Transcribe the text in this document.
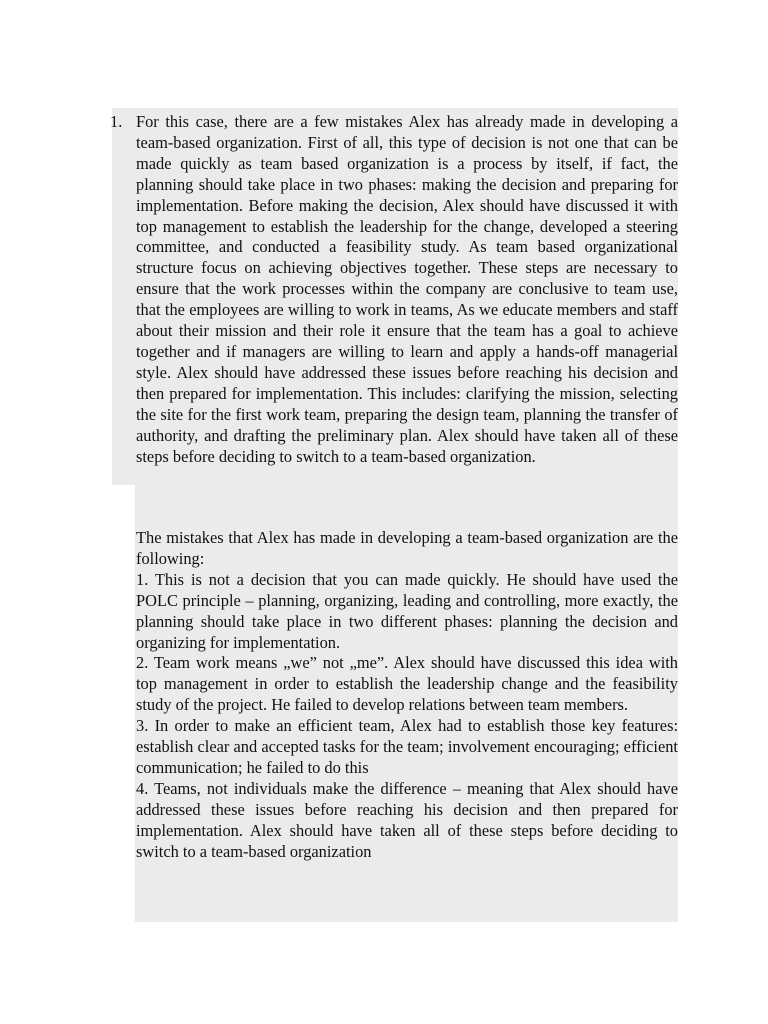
1. For this case, there are a few mistakes Alex has already made in developing a team-based organization. First of all, this type of decision is not one that can be made quickly as team based organization is a process by itself, if fact, the planning should take place in two phases: making the decision and preparing for implementation. Before making the decision, Alex should have discussed it with top management to establish the leadership for the change, developed a steering committee, and conducted a feasibility study. As team based organizational structure focus on achieving objectives together. These steps are necessary to ensure that the work processes within the company are conclusive to team use, that the employees are willing to work in teams, As we educate members and staff about their mission and their role it ensure that the team has a goal to achieve together and if managers are willing to learn and apply a hands-off managerial style. Alex should have addressed these issues before reaching his decision and then prepared for implementation. This includes: clarifying the mission, selecting the site for the first work team, preparing the design team, planning the transfer of authority, and drafting the preliminary plan. Alex should have taken all of these steps before deciding to switch to a team-based organization.

The mistakes that Alex has made in developing a team-based organization are the following:

1. This is not a decision that you can made quickly. He should have used the POLC principle – planning, organizing, leading and controlling, more exactly, the planning should take place in two different phases: planning the decision and organizing for implementation.

2. Team work means „we” not „me”. Alex should have discussed this idea with top management in order to establish the leadership change and the feasibility study of the project. He failed to develop relations between team members.

3. In order to make an efficient team, Alex had to establish those key features: establish clear and accepted tasks for the team; involvement encouraging; efficient communication; he failed to do this

4. Teams, not individuals make the difference – meaning that Alex should have addressed these issues before reaching his decision and then prepared for implementation. Alex should have taken all of these steps before deciding to switch to a team-based organization
